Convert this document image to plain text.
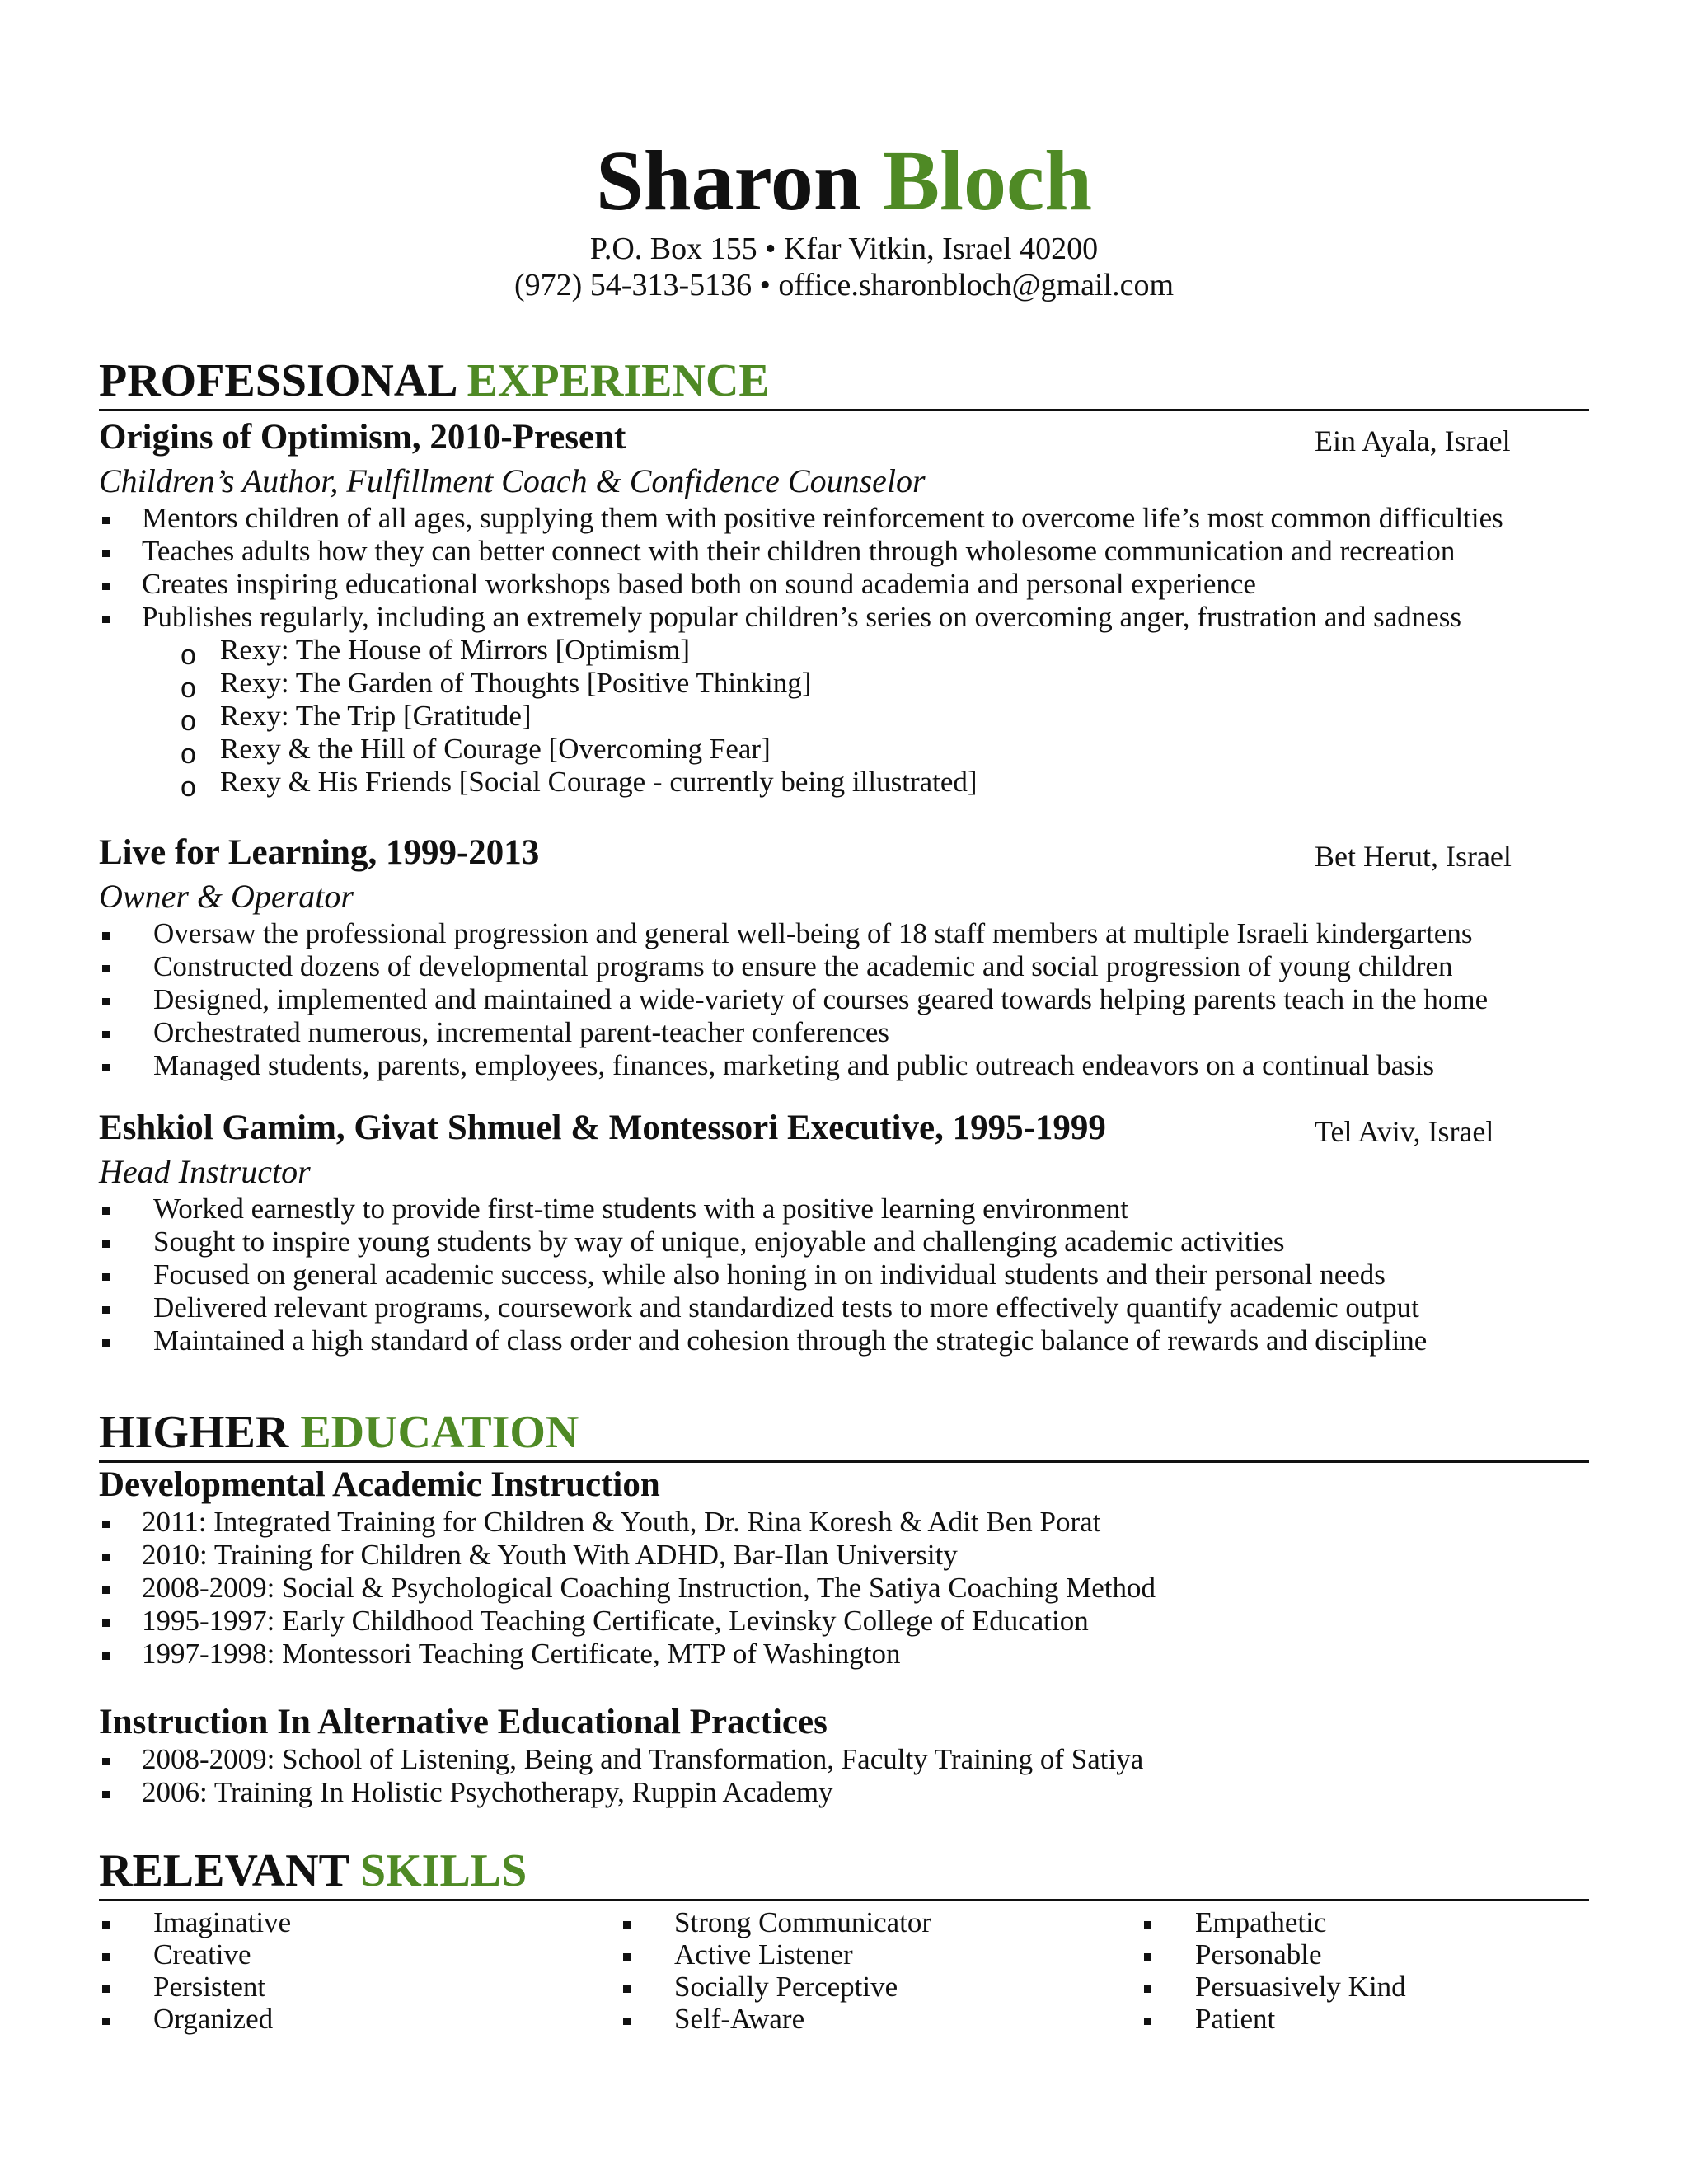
Sharon Bloch
P.O. Box 155 • Kfar Vitkin, Israel 40200
(972) 54-313-5136 • office.sharonbloch@gmail.com
PROFESSIONAL EXPERIENCE
Origins of Optimism, 2010-Present	Ein Ayala, Israel
Children’s Author, Fulfillment Coach & Confidence Counselor
Mentors children of all ages, supplying them with positive reinforcement to overcome life’s most common difficulties
Teaches adults how they can better connect with their children through wholesome communication and recreation
Creates inspiring educational workshops based both on sound academia and personal experience
Publishes regularly, including an extremely popular children’s series on overcoming anger, frustration and sadness
o Rexy: The House of Mirrors [Optimism]
o Rexy: The Garden of Thoughts [Positive Thinking]
o Rexy: The Trip [Gratitude]
o Rexy & the Hill of Courage [Overcoming Fear]
o Rexy & His Friends [Social Courage - currently being illustrated]
Live for Learning, 1999-2013	Bet Herut, Israel
Owner & Operator
Oversaw the professional progression and general well-being of 18 staff members at multiple Israeli kindergartens
Constructed dozens of developmental programs to ensure the academic and social progression of young children
Designed, implemented and maintained a wide-variety of courses geared towards helping parents teach in the home
Orchestrated numerous, incremental parent-teacher conferences
Managed students, parents, employees, finances, marketing and public outreach endeavors on a continual basis
Eshkiol Gamim, Givat Shmuel & Montessori Executive, 1995-1999	Tel Aviv, Israel
Head Instructor
Worked earnestly to provide first-time students with a positive learning environment
Sought to inspire young students by way of unique, enjoyable and challenging academic activities
Focused on general academic success, while also honing in on individual students and their personal needs
Delivered relevant programs, coursework and standardized tests to more effectively quantify academic output
Maintained a high standard of class order and cohesion through the strategic balance of rewards and discipline
HIGHER EDUCATION
Developmental Academic Instruction
2011: Integrated Training for Children & Youth, Dr. Rina Koresh & Adit Ben Porat
2010: Training for Children & Youth With ADHD, Bar-Ilan University
2008-2009: Social & Psychological Coaching Instruction, The Satiya Coaching Method
1995-1997: Early Childhood Teaching Certificate, Levinsky College of Education
1997-1998: Montessori Teaching Certificate, MTP of Washington
Instruction In Alternative Educational Practices
2008-2009: School of Listening, Being and Transformation, Faculty Training of Satiya
2006: Training In Holistic Psychotherapy, Ruppin Academy
RELEVANT SKILLS
Imaginative
Creative
Persistent
Organized
Strong Communicator
Active Listener
Socially Perceptive
Self-Aware
Empathetic
Personable
Persuasively Kind
Patient
